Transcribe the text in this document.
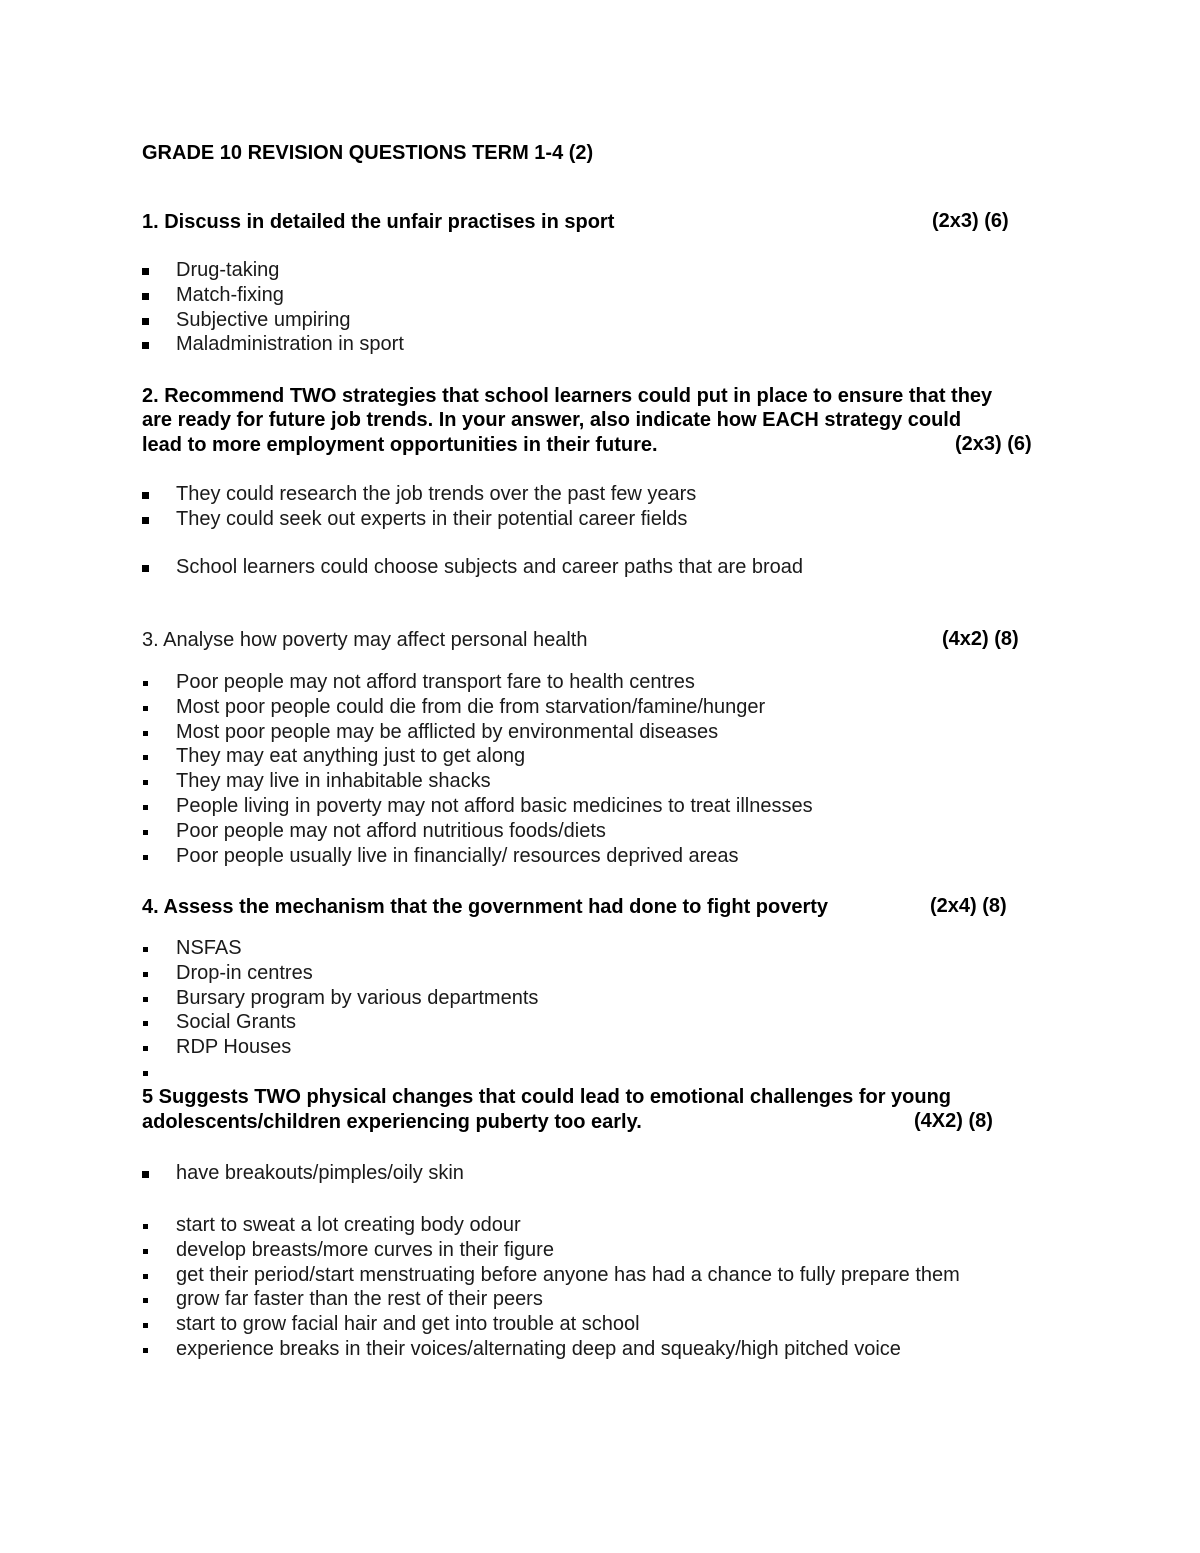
GRADE 10 REVISION QUESTIONS TERM 1-4 (2)
1. Discuss in detailed the unfair practises in sport	(2x3) (6)
Drug-taking
Match-fixing
Subjective umpiring
Maladministration in sport
2. Recommend TWO strategies that school learners could put in place to ensure that they
are ready for future job trends. In your answer, also indicate how EACH strategy could
lead to more employment opportunities in their future.	(2x3) (6)
They could research the job trends over the past few years
They could seek out experts in their potential career fields
School learners could choose subjects and career paths that are broad
3. Analyse how poverty may affect personal health	(4x2) (8)
Poor people may not afford transport fare to health centres
Most poor people could die from die from starvation/famine/hunger
Most poor people may be afflicted by environmental diseases
They may eat anything just to get along
They may live in inhabitable shacks
People living in poverty may not afford basic medicines to treat illnesses
Poor people may not afford nutritious foods/diets
Poor people usually live in financially/ resources deprived areas
4. Assess the mechanism that the government had done to fight poverty	(2x4) (8)
NSFAS
Drop-in centres
Bursary program by various departments
Social Grants
RDP Houses
5 Suggests TWO physical changes that could lead to emotional challenges for young
adolescents/children experiencing puberty too early.	(4X2) (8)
have breakouts/pimples/oily skin
start to sweat a lot creating body odour
develop breasts/more curves in their figure
get their period/start menstruating before anyone has had a chance to fully prepare them
grow far faster than the rest of their peers
start to grow facial hair and get into trouble at school
experience breaks in their voices/alternating deep and squeaky/high pitched voice
